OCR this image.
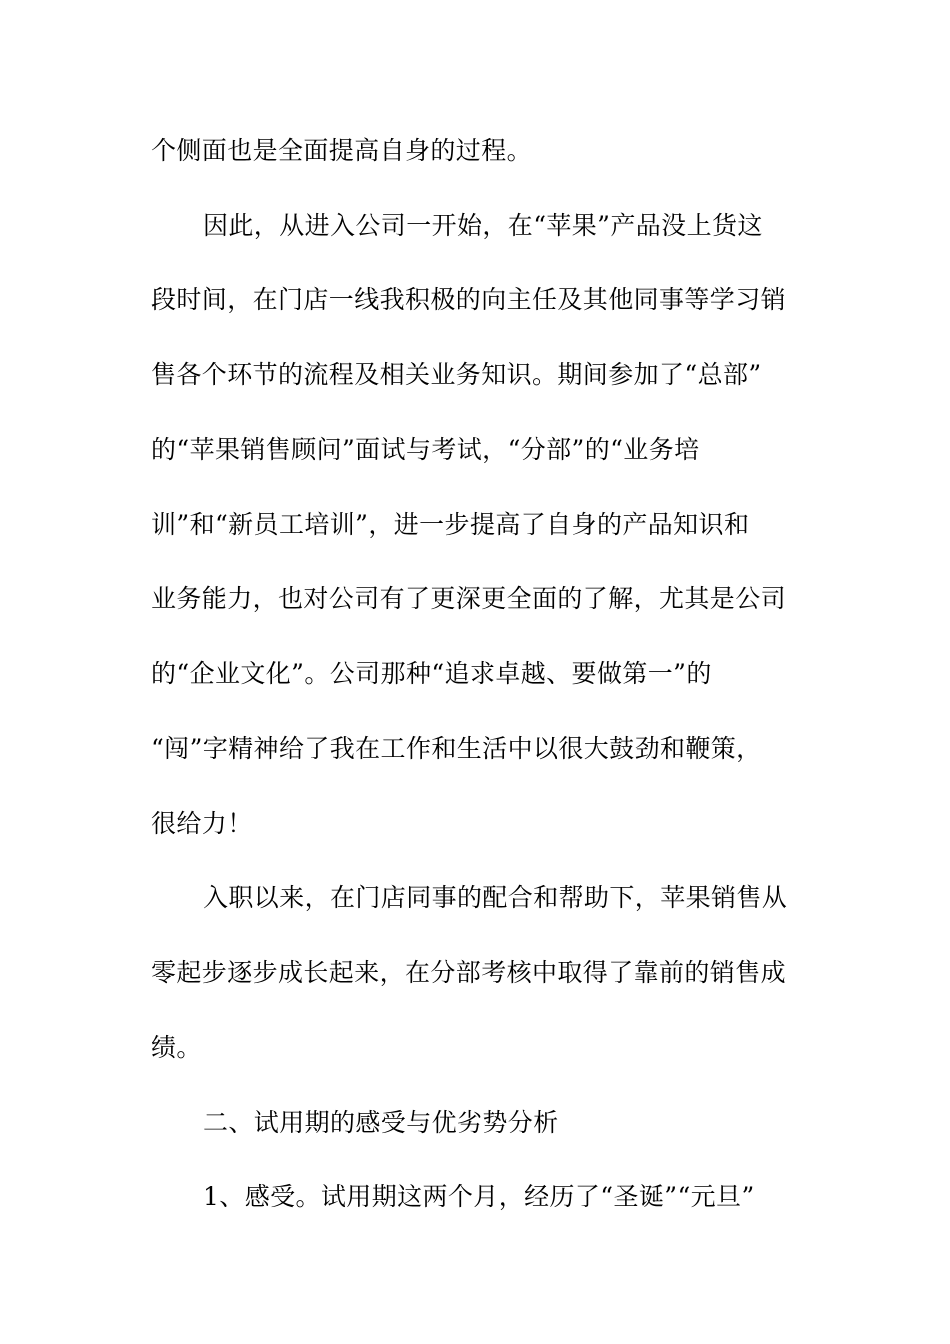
个侧面也是全面提高自身的过程。
因此，从进入公司一开始，在“苹果”产品没上货这
段时间，在门店一线我积极的向主任及其他同事等学习销
售各个环节的流程及相关业务知识。期间参加了“总部”
的“苹果销售顾问”面试与考试，“分部”的“业务培
训”和“新员工培训”，进一步提高了自身的产品知识和
业务能力，也对公司有了更深更全面的了解，尤其是公司
的“企业文化”。公司那种“追求卓越、要做第一”的
“闯”字精神给了我在工作和生活中以很大鼓劲和鞭策，
很给力！
入职以来，在门店同事的配合和帮助下，苹果销售从
零起步逐步成长起来，在分部考核中取得了靠前的销售成
绩。
二、试用期的感受与优劣势分析
1、感受。试用期这两个月，经历了“圣诞”“元旦”
